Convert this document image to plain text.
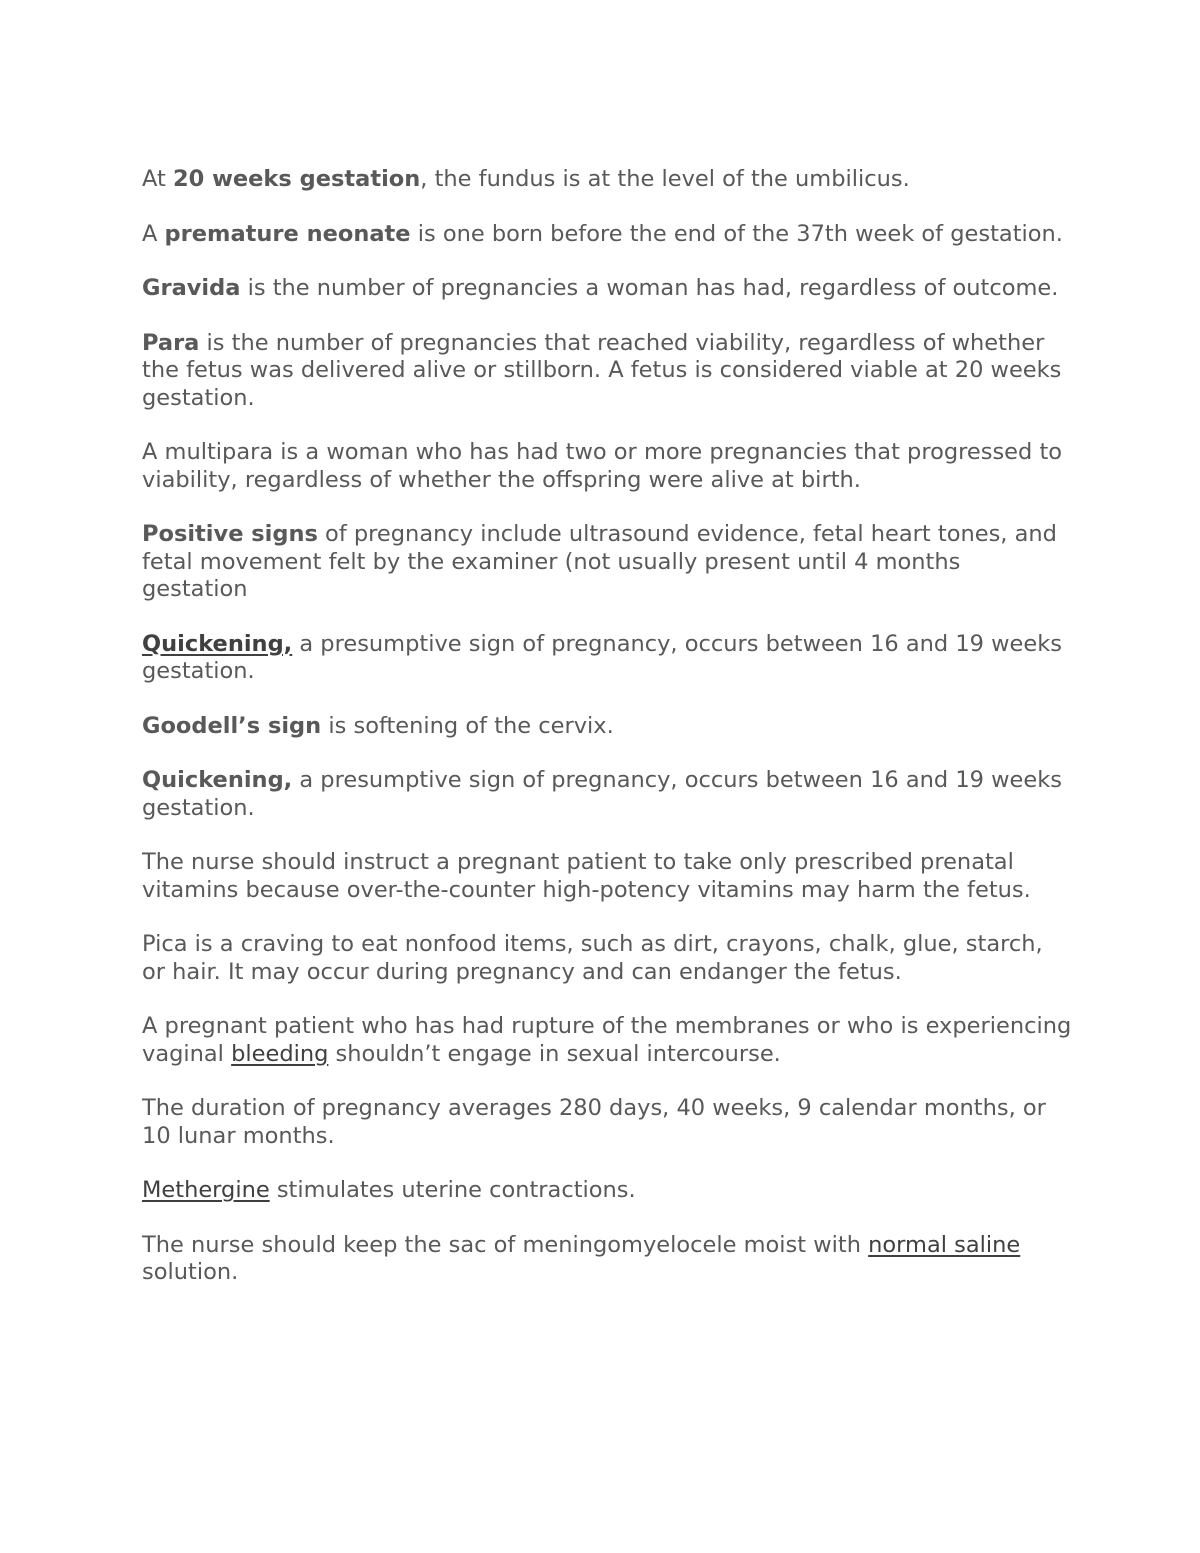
At 20 weeks gestation, the fundus is at the level of the umbilicus.

A premature neonate is one born before the end of the 37th week of gestation.

Gravida is the number of pregnancies a woman has had, regardless of outcome.

Para is the number of pregnancies that reached viability, regardless of whether the fetus was delivered alive or stillborn. A fetus is considered viable at 20 weeks gestation.

A multipara is a woman who has had two or more pregnancies that progressed to viability, regardless of whether the offspring were alive at birth.

Positive signs of pregnancy include ultrasound evidence, fetal heart tones, and fetal movement felt by the examiner (not usually present until 4 months gestation

Quickening, a presumptive sign of pregnancy, occurs between 16 and 19 weeks gestation.

Goodell’s sign is softening of the cervix.

Quickening, a presumptive sign of pregnancy, occurs between 16 and 19 weeks gestation.

The nurse should instruct a pregnant patient to take only prescribed prenatal vitamins because over-the-counter high-potency vitamins may harm the fetus.

Pica is a craving to eat nonfood items, such as dirt, crayons, chalk, glue, starch, or hair. It may occur during pregnancy and can endanger the fetus.

A pregnant patient who has had rupture of the membranes or who is experiencing vaginal bleeding shouldn’t engage in sexual intercourse.

The duration of pregnancy averages 280 days, 40 weeks, 9 calendar months, or 10 lunar months.

Methergine stimulates uterine contractions.

The nurse should keep the sac of meningomyelocele moist with normal saline solution.
